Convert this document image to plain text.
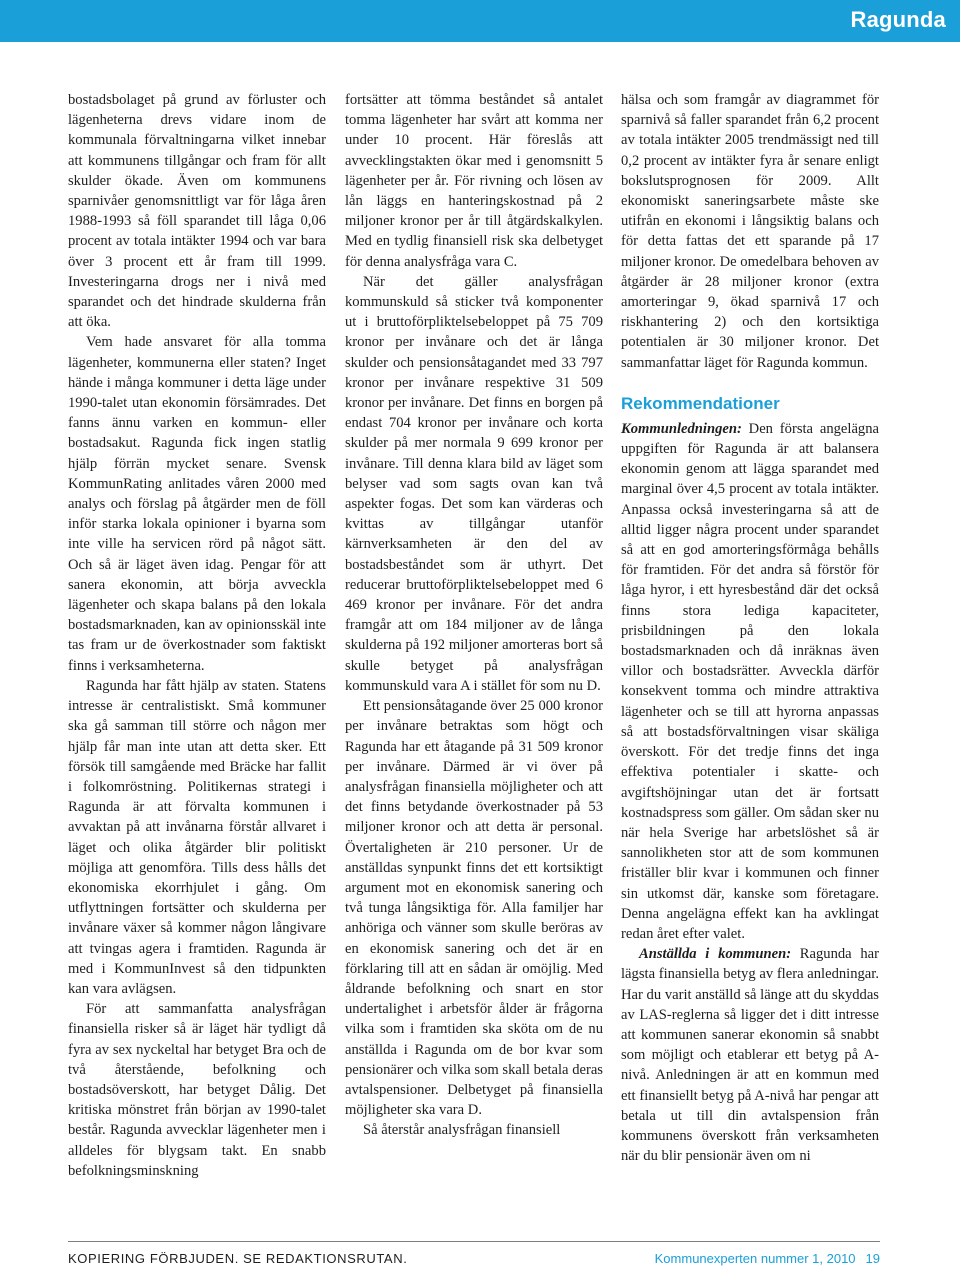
Ragunda

bostadsbolaget på grund av förluster och lägenheterna drevs vidare inom de kommunala förvaltningarna vilket innebar att kommunens tillgångar och fram för allt skulder ökade. Även om kommunens sparnivåer genomsnittligt var för låga åren 1988-1993 så föll sparandet till låga 0,06 procent av totala intäkter 1994 och var bara över 3 procent ett år fram till 1999. Investeringarna drogs ner i nivå med sparandet och det hindrade skulderna från att öka.

Vem hade ansvaret för alla tomma lägenheter, kommunerna eller staten? Inget hände i många kommuner i detta läge under 1990-talet utan ekonomin försämrades. Det fanns ännu varken en kommun- eller bostadsakut. Ragunda fick ingen statlig hjälp förrän mycket senare. Svensk KommunRating anlitades våren 2000 med analys och förslag på åtgärder men de föll inför starka lokala opinioner i byarna som inte ville ha servicen rörd på något sätt. Och så är läget även idag. Pengar för att sanera ekonomin, att börja avveckla lägenheter och skapa balans på den lokala bostadsmarknaden, kan av opinionsskäl inte tas fram ur de överkostnader som faktiskt finns i verksamheterna.

Ragunda har fått hjälp av staten. Statens intresse är centralistiskt. Små kommuner ska gå samman till större och någon mer hjälp får man inte utan att detta sker. Ett försök till samgående med Bräcke har fallit i folkomröstning. Politikernas strategi i Ragunda är att förvalta kommunen i avvaktan på att invånarna förstår allvaret i läget och olika åtgärder blir politiskt möjliga att genomföra. Tills dess hålls det ekonomiska ekorrhjulet i gång. Om utflyttningen fortsätter och skulderna per invånare växer så kommer någon långivare att tvingas agera i framtiden. Ragunda är med i KommunInvest så den tidpunkten kan vara avlägsen.

För att sammanfatta analysfrågan finansiella risker så är läget här tydligt då fyra av sex nyckeltal har betyget Bra och de två återstående, befolkning och bostadsöverskott, har betyget Dålig. Det kritiska mönstret från början av 1990-talet består. Ragunda avvecklar lägenheter men i alldeles för blygsam takt. En snabb befolkningsminskning

fortsätter att tömma beståndet så antalet tomma lägenheter har svårt att komma ner under 10 procent. Här föreslås att avvecklingstakten ökar med i genomsnitt 5 lägenheter per år. För rivning och lösen av lån läggs en hanteringskostnad på 2 miljoner kronor per år till åtgärdskalkylen. Med en tydlig finansiell risk ska delbetyget för denna analysfråga vara C.

När det gäller analysfrågan kommunskuld så sticker två komponenter ut i bruttoförpliktelsebeloppet på 75 709 kronor per invånare och det är långa skulder och pensionsåtagandet med 33 797 kronor per invånare respektive 31 509 kronor per invånare. Det finns en borgen på endast 704 kronor per invånare och korta skulder på mer normala 9 699 kronor per invånare. Till denna klara bild av läget som belyser vad som sagts ovan kan två aspekter fogas. Det som kan värderas och kvittas av tillgångar utanför kärnverksamheten är den del av bostadsbeståndet som är uthyrt. Det reducerar bruttoförpliktelsebeloppet med 6 469 kronor per invånare. För det andra framgår att om 184 miljoner av de långa skulderna på 192 miljoner amorteras bort så skulle betyget på analysfrågan kommunskuld vara A i stället för som nu D.

Ett pensionsåtagande över 25 000 kronor per invånare betraktas som högt och Ragunda har ett åtagande på 31 509 kronor per invånare. Därmed är vi över på analysfrågan finansiella möjligheter och att det finns betydande överkostnader på 53 miljoner kronor och att detta är personal. Övertaligheten är 210 personer. Ur de anställdas synpunkt finns det ett kortsiktigt argument mot en ekonomisk sanering och två tunga långsiktiga för. Alla familjer har anhöriga och vänner som skulle beröras av en ekonomisk sanering och det är en förklaring till att en sådan är omöjlig. Med åldrande befolkning och snart en stor undertalighet i arbetsför ålder är frågorna vilka som i framtiden ska sköta om de nu anställda i Ragunda om de bor kvar som pensionärer och vilka som skall betala deras avtalspensioner. Delbetyget på finansiella möjligheter ska vara D.

Så återstår analysfrågan finansiell

hälsa och som framgår av diagrammet för sparnivå så faller sparandet från 6,2 procent av totala intäkter 2005 trendmässigt ned till 0,2 procent av intäkter fyra år senare enligt bokslutsprognosen för 2009. Allt ekonomiskt saneringsarbete måste ske utifrån en ekonomi i långsiktig balans och för detta fattas det ett sparande på 17 miljoner kronor. De omedelbara behoven av åtgärder är 28 miljoner kronor (extra amorteringar 9, ökad sparnivå 17 och riskhantering 2) och den kortsiktiga potentialen är 30 miljoner kronor. Det sammanfattar läget för Ragunda kommun.

Rekommendationer

Kommunledningen: Den första angelägna uppgiften för Ragunda är att balansera ekonomin genom att lägga sparandet med marginal över 4,5 procent av totala intäkter. Anpassa också investeringarna så att de alltid ligger några procent under sparandet så att en god amorteringsförmåga behålls för framtiden. För det andra så förstör för låga hyror, i ett hyresbestånd där det också finns stora lediga kapaciteter, prisbildningen på den lokala bostadsmarknaden och då inräknas även villor och bostadsrätter. Avveckla därför konsekvent tomma och mindre attraktiva lägenheter och se till att hyrorna anpassas så att bostadsförvaltningen visar skäliga överskott. För det tredje finns det inga effektiva potentialer i skatte- och avgiftshöjningar utan det är fortsatt kostnadspress som gäller. Om sådan sker nu när hela Sverige har arbetslöshet så är sannolikheten stor att de som kommunen friställer blir kvar i kommunen och finner sin utkomst där, kanske som företagare. Denna angelägna effekt kan ha avklingat redan året efter valet.

Anställda i kommunen: Ragunda har lägsta finansiella betyg av flera anledningar. Har du varit anställd så länge att du skyddas av LAS-reglerna så ligger det i ditt intresse att kommunen sanerar ekonomin så snabbt som möjligt och etablerar ett betyg på A-nivå. Anledningen är att en kommun med ett finansiellt betyg på A-nivå har pengar att betala ut till din avtalspension från kommunens överskott från verksamheten när du blir pensionär även om ni

KOPIERING FÖRBJUDEN. SE REDAKTIONSRUTAN.	Kommunexperten nummer 1, 2010 19
